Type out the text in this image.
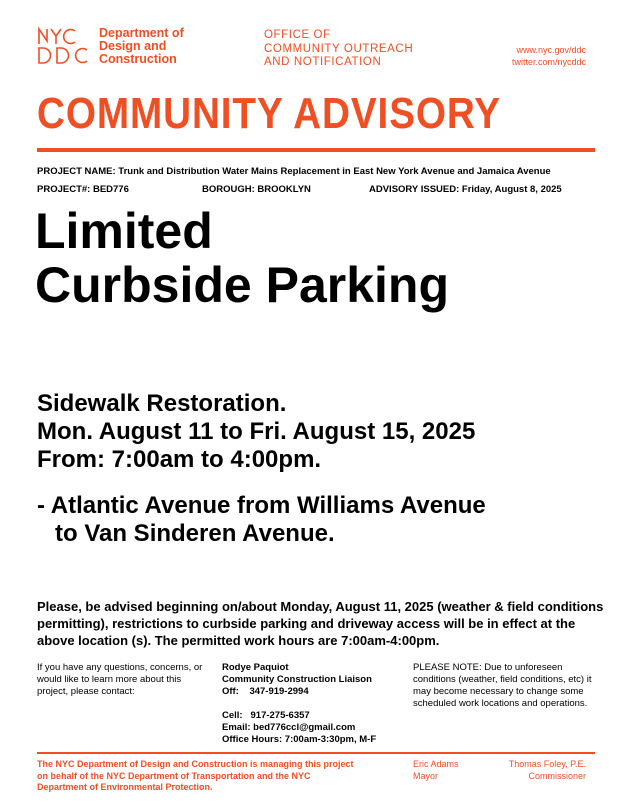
Department of
Design and
Construction
OFFICE OF
COMMUNITY OUTREACH
AND NOTIFICATION
www.nyc.gov/ddc
twitter.com/nycddc
COMMUNITY ADVISORY
PROJECT NAME: Trunk and Distribution Water Mains Replacement in East New York Avenue and Jamaica Avenue
PROJECT#: BED776	BOROUGH: BROOKLYN	ADVISORY ISSUED: Friday, August 8, 2025
Limited
Curbside Parking
Sidewalk Restoration.
Mon. August 11 to Fri. August 15, 2025
From: 7:00am to 4:00pm.
- Atlantic Avenue from Williams Avenue
to Van Sinderen Avenue.
Please, be advised beginning on/about Monday, August 11, 2025 (weather & field conditions permitting), restrictions to curbside parking and driveway access will be in effect at the above location (s). The permitted work hours are 7:00am-4:00pm.
If you have any questions, concerns, or would like to learn more about this project, please contact:
Rodye Paquiot
Community Construction Liaison
Off:    347-919-2994
Cell:   917-275-6357
Email: bed776ccl@gmail.com
Office Hours: 7:00am-3:30pm, M-F
PLEASE NOTE: Due to unforeseen conditions (weather, field conditions, etc) it may become necessary to change some scheduled work locations and operations.
The NYC Department of Design and Construction is managing this project on behalf of the NYC Department of Transportation and the NYC Department of Environmental Protection.
Eric Adams
Mayor
Thomas Foley, P.E.
Commissioner
